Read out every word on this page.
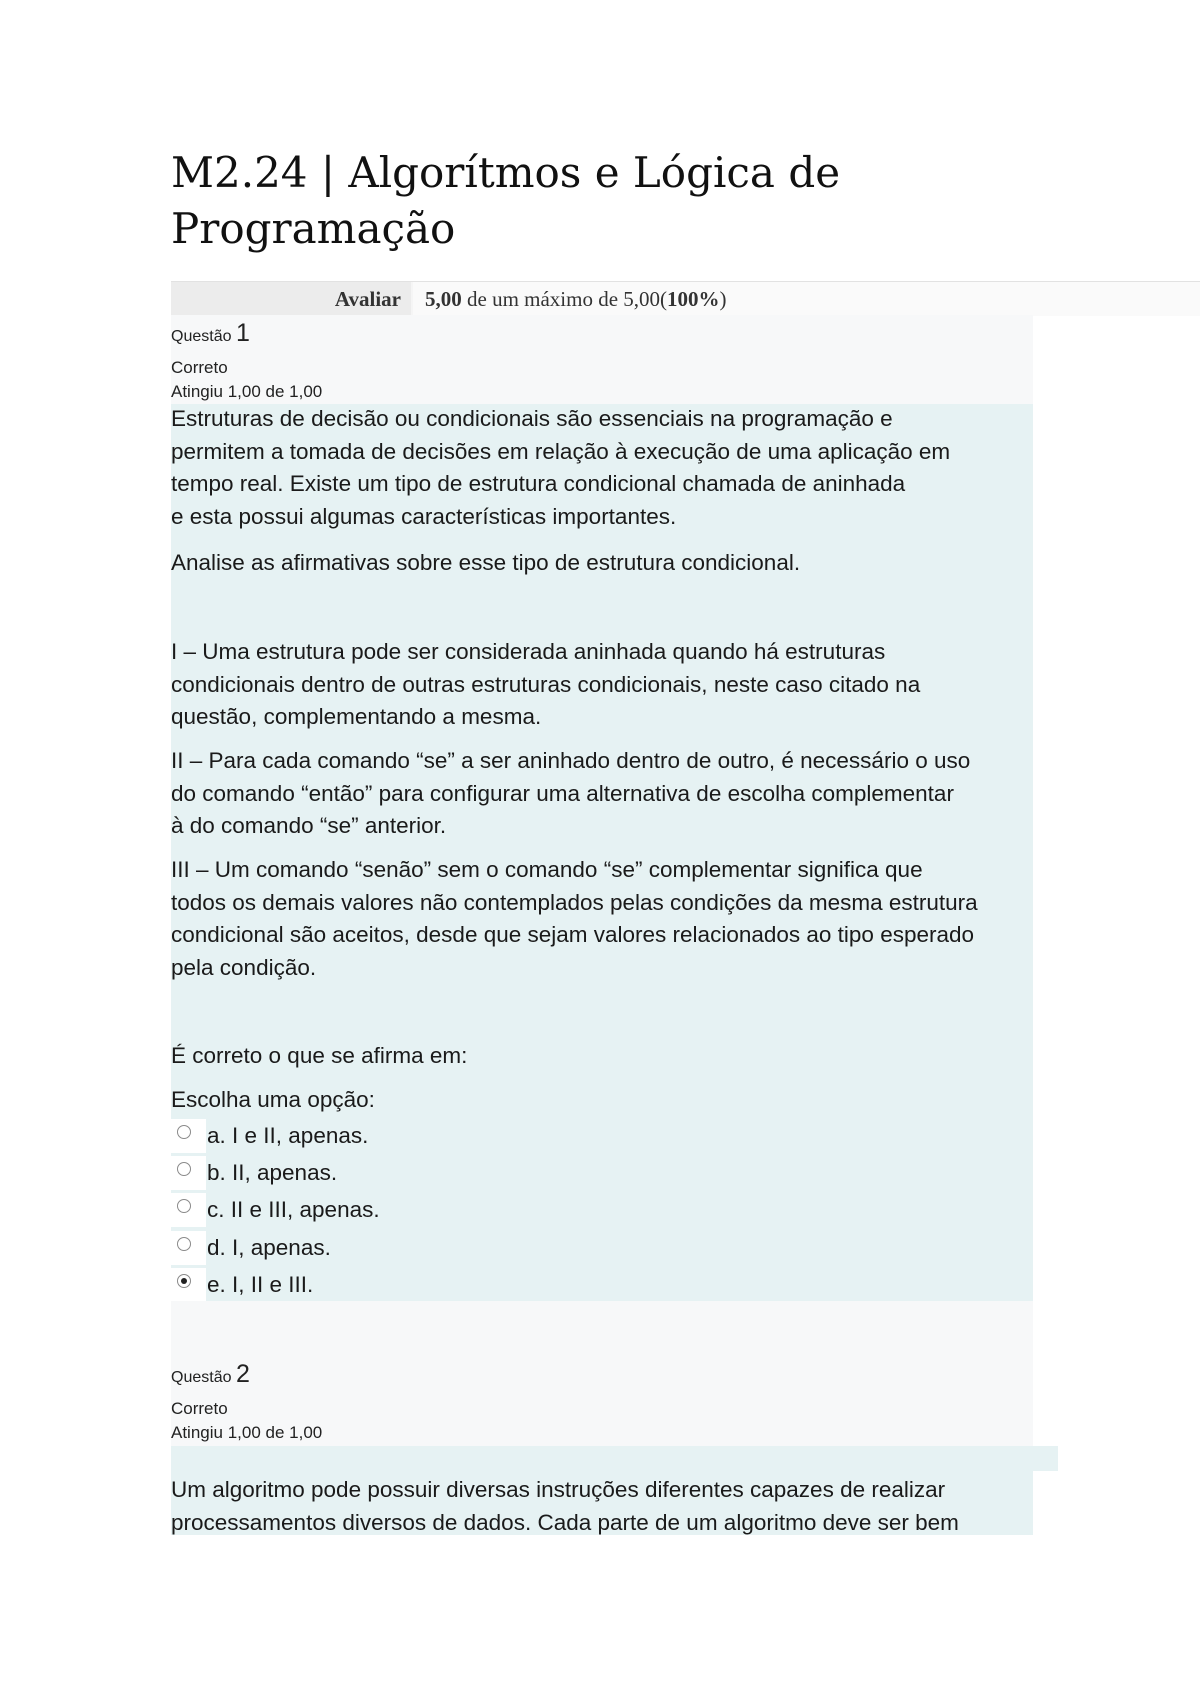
M2.24 | Algorítmos e Lógica de
Programação
Avaliar	5,00 de um máximo de 5,00(100%)
Questão 1
Correto
Atingiu 1,00 de 1,00
Estruturas de decisão ou condicionais são essenciais na programação e
permitem a tomada de decisões em relação à execução de uma aplicação em
tempo real. Existe um tipo de estrutura condicional chamada de aninhada
e esta possui algumas características importantes.
Analise as afirmativas sobre esse tipo de estrutura condicional.
I – Uma estrutura pode ser considerada aninhada quando há estruturas
condicionais dentro de outras estruturas condicionais, neste caso citado na
questão, complementando a mesma.
II – Para cada comando “se” a ser aninhado dentro de outro, é necessário o uso
do comando “então” para configurar uma alternativa de escolha complementar
à do comando “se” anterior.
III – Um comando “senão” sem o comando “se” complementar significa que
todos os demais valores não contemplados pelas condições da mesma estrutura
condicional são aceitos, desde que sejam valores relacionados ao tipo esperado
pela condição.
É correto o que se afirma em:
Escolha uma opção:
a. I e II, apenas.
b. II, apenas.
c. II e III, apenas.
d. I, apenas.
e. I, II e III.
Questão 2
Correto
Atingiu 1,00 de 1,00
Um algoritmo pode possuir diversas instruções diferentes capazes de realizar
processamentos diversos de dados. Cada parte de um algoritmo deve ser bem
